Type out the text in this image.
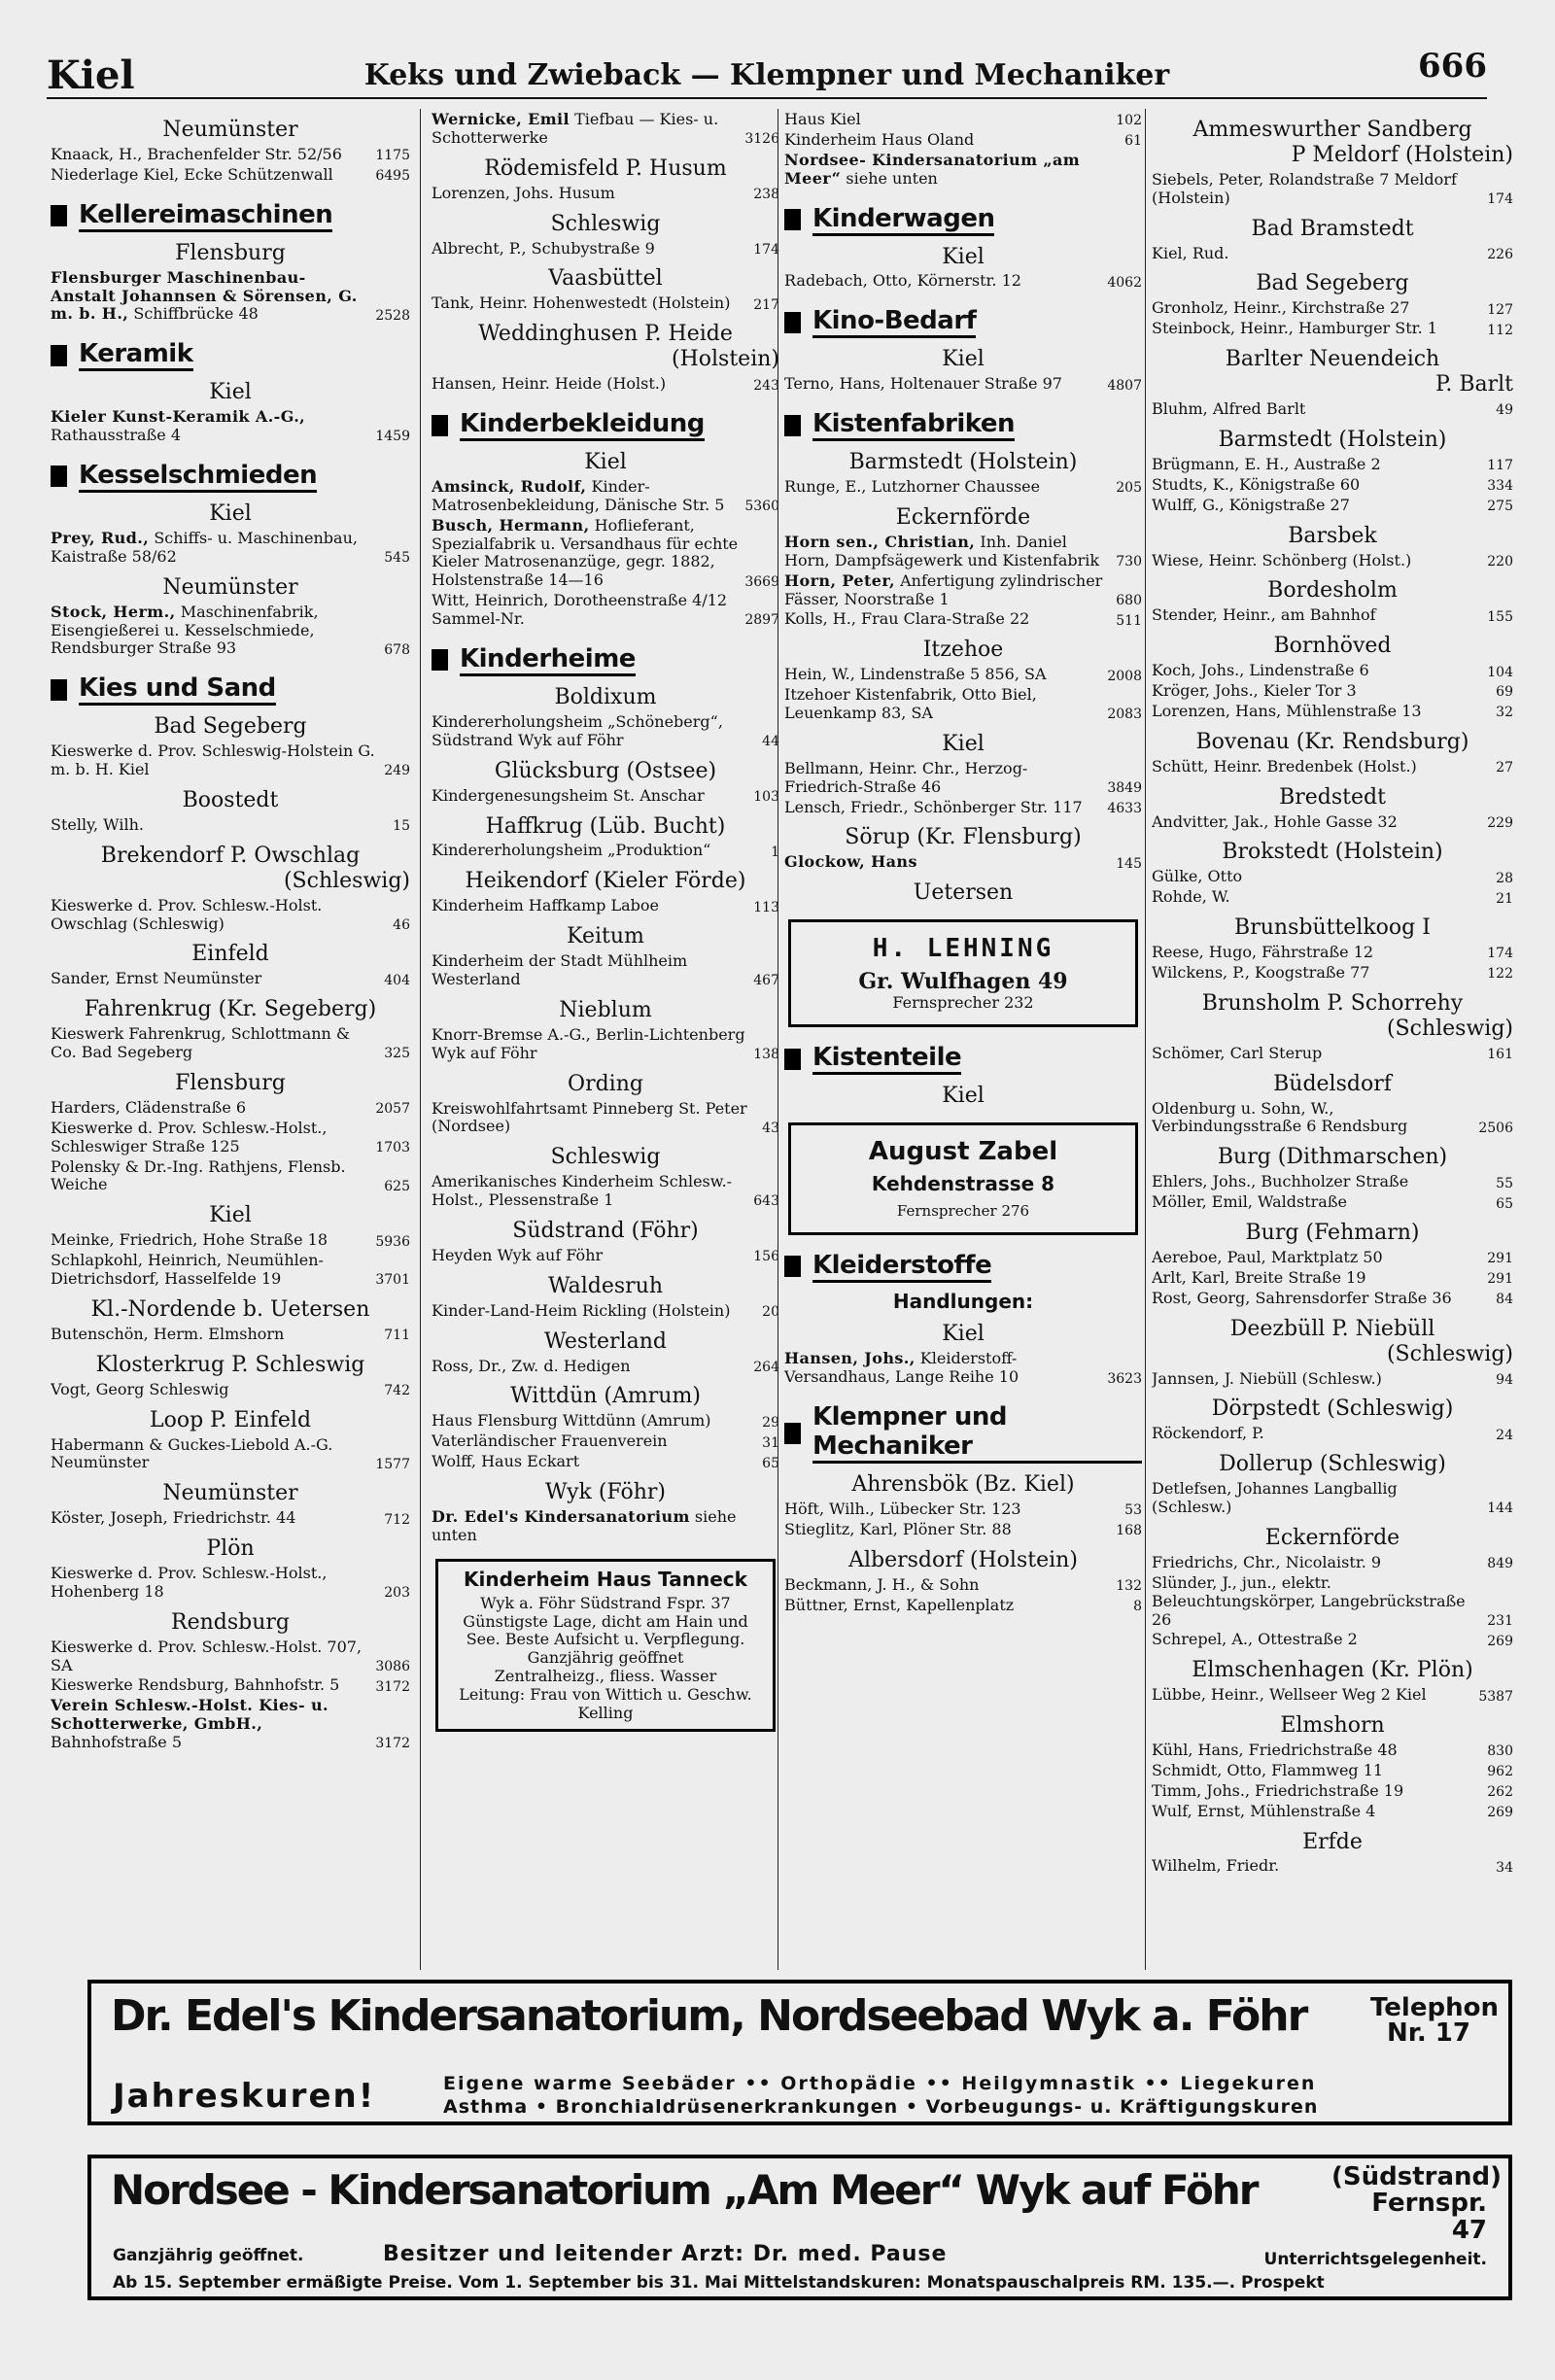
Kiel	Keks und Zwieback — Klempner und Mechaniker	666
Neumünster
Knaack, H., Brachenfelder Str. 52/56	1175
Niederlage Kiel, Ecke Schützenwall	6495
Kellereimaschinen
Flensburg
Flensburger Maschinenbau-Anstalt Johannsen & Sörensen, G. m. b. H., Schiffbrücke 48	2528
Keramik
Kiel
Kieler Kunst-Keramik A.-G., Rathausstraße 4	1459
Kesselschmieden
Kiel
Prey, Rud., Schiffs- u. Maschinenbau, Kaistraße 58/62	545
Neumünster
Stock, Herm., Maschinenfabrik, Eisengießerei u. Kesselschmiede, Rendsburger Straße 93	678
Kies und Sand
Bad Segeberg
Kieswerke d. Prov. Schleswig-Holstein G. m. b. H. Kiel	249
Boostedt
Stelly, Wilh.	15
Brekendorf P. Owschlag
(Schleswig)
Kieswerke d. Prov. Schlesw.-Holst. Owschlag (Schleswig)	46
Einfeld
Sander, Ernst Neumünster	404
Fahrenkrug (Kr. Segeberg)
Kieswerk Fahrenkrug, Schlottmann & Co. Bad Segeberg	325
Flensburg
Harders, Clädenstraße 6	2057
Kieswerke d. Prov. Schlesw.-Holst., Schleswiger Straße 125	1703
Polensky & Dr.-Ing. Rathjens, Flensb. Weiche	625
Kiel
Meinke, Friedrich, Hohe Straße 18	5936
Schlapkohl, Heinrich, Neumühlen-Dietrichsdorf, Hasselfelde 19	3701
Kl.-Nordende b. Uetersen
Butenschön, Herm. Elmshorn	711
Klosterkrug P. Schleswig
Vogt, Georg Schleswig	742
Loop P. Einfeld
Habermann & Guckes-Liebold A.-G. Neumünster	1577
Neumünster
Köster, Joseph, Friedrichstr. 44	712
Plön
Kieswerke d. Prov. Schlesw.-Holst., Hohenberg 18	203
Rendsburg
Kieswerke d. Prov. Schlesw.-Holst. 707, SA	3086
Kieswerke Rendsburg, Bahnhofstr. 5	3172
Verein Schlesw.-Holst. Kies- u. Schotterwerke, GmbH., Bahnhofstraße 5	3172
Wernicke, Emil Tiefbau — Kies- u. Schotterwerke	3126
Rödemisfeld P. Husum
Lorenzen, Johs. Husum	238
Schleswig
Albrecht, P., Schubystraße 9	174
Vaasbüttel
Tank, Heinr. Hohenwestedt (Holstein)	217
Weddinghusen P. Heide
(Holstein)
Hansen, Heinr. Heide (Holst.)	243
Kinderbekleidung
Kiel
Amsinck, Rudolf, Kinder-Matrosenbekleidung, Dänische Str. 5	5360
Busch, Hermann, Hoflieferant, Spezialfabrik u. Versandhaus für echte Kieler Matrosenanzüge, gegr. 1882, Holstenstraße 14—16	3669
Witt, Heinrich, Dorotheenstraße 4/12 Sammel-Nr.	2897
Kinderheime
Boldixum
Kindererholungsheim „Schöneberg“, Südstrand Wyk auf Föhr	44
Glücksburg (Ostsee)
Kindergenesungsheim St. Anschar	103
Haffkrug (Lüb. Bucht)
Kindererholungsheim „Produktion“	1
Heikendorf (Kieler Förde)
Kinderheim Haffkamp Laboe	113
Keitum
Kinderheim der Stadt Mühlheim Westerland	467
Nieblum
Knorr-Bremse A.-G., Berlin-Lichtenberg Wyk auf Föhr	138
Ording
Kreiswohlfahrtsamt Pinneberg St. Peter (Nordsee)	43
Schleswig
Amerikanisches Kinderheim Schlesw.-Holst., Plessenstraße 1	643
Südstrand (Föhr)
Heyden Wyk auf Föhr	156
Waldesruh
Kinder-Land-Heim Rickling (Holstein)	20
Westerland
Ross, Dr., Zw. d. Hedigen	264
Wittdün (Amrum)
Haus Flensburg Wittdünn (Amrum)	29
Vaterländischer Frauenverein	31
Wolff, Haus Eckart	65
Wyk (Föhr)
Dr. Edel's Kindersanatorium siehe unten
Kinderheim Haus Tanneck
Wyk a. Föhr Südstrand Fspr. 37
Günstigste Lage, dicht am Hain und See. Beste Aufsicht u. Verpflegung. Ganzjährig geöffnet
Zentralheizg., fliess. Wasser
Leitung: Frau von Wittich u. Geschw. Kelling
Haus Kiel	102
Kinderheim Haus Oland	61
Nordsee- Kindersanatorium „am Meer“ siehe unten
Kinderwagen
Kiel
Radebach, Otto, Körnerstr. 12	4062
Kino-Bedarf
Kiel
Terno, Hans, Holtenauer Straße 97	4807
Kistenfabriken
Barmstedt (Holstein)
Runge, E., Lutzhorner Chaussee	205
Eckernförde
Horn sen., Christian, Inh. Daniel Horn, Dampfsägewerk und Kistenfabrik	730
Horn, Peter, Anfertigung zylindrischer Fässer, Noorstraße 1	680
Kolls, H., Frau Clara-Straße 22	511
Itzehoe
Hein, W., Lindenstraße 5 856, SA	2008
Itzehoer Kistenfabrik, Otto Biel, Leuenkamp 83, SA	2083
Kiel
Bellmann, Heinr. Chr., Herzog-Friedrich-Straße 46	3849
Lensch, Friedr., Schönberger Str. 117	4633
Sörup (Kr. Flensburg)
Glockow, Hans	145
Uetersen
H. LEHNING
Gr. Wulfhagen 49
Fernsprecher 232
Kistenteile
Kiel
August Zabel
Kehdenstrasse 8
Fernsprecher 276
Kleiderstoffe
Handlungen:
Kiel
Hansen, Johs., Kleiderstoff-Versandhaus, Lange Reihe 10	3623
Klempner und Mechaniker
Ahrensbök (Bz. Kiel)
Höft, Wilh., Lübecker Str. 123	53
Stieglitz, Karl, Plöner Str. 88	168
Albersdorf (Holstein)
Beckmann, J. H., & Sohn	132
Büttner, Ernst, Kapellenplatz	8
Ammeswurther Sandberg
P Meldorf (Holstein)
Siebels, Peter, Rolandstraße 7 Meldorf (Holstein)	174
Bad Bramstedt
Kiel, Rud.	226
Bad Segeberg
Gronholz, Heinr., Kirchstraße 27	127
Steinbock, Heinr., Hamburger Str. 1	112
Barlter Neuendeich
P. Barlt
Bluhm, Alfred Barlt	49
Barmstedt (Holstein)
Brügmann, E. H., Austraße 2	117
Studts, K., Königstraße 60	334
Wulff, G., Königstraße 27	275
Barsbek
Wiese, Heinr. Schönberg (Holst.)	220
Bordesholm
Stender, Heinr., am Bahnhof	155
Bornhöved
Koch, Johs., Lindenstraße 6	104
Kröger, Johs., Kieler Tor 3	69
Lorenzen, Hans, Mühlenstraße 13	32
Bovenau (Kr. Rendsburg)
Schütt, Heinr. Bredenbek (Holst.)	27
Bredstedt
Andvitter, Jak., Hohle Gasse 32	229
Brokstedt (Holstein)
Gülke, Otto	28
Rohde, W.	21
Brunsbüttelkoog I
Reese, Hugo, Fährstraße 12	174
Wilckens, P., Koogstraße 77	122
Brunsholm P. Schorrehy
(Schleswig)
Schömer, Carl Sterup	161
Büdelsdorf
Oldenburg u. Sohn, W., Verbindungsstraße 6 Rendsburg	2506
Burg (Dithmarschen)
Ehlers, Johs., Buchholzer Straße	55
Möller, Emil, Waldstraße	65
Burg (Fehmarn)
Aereboe, Paul, Marktplatz 50	291
Arlt, Karl, Breite Straße 19	291
Rost, Georg, Sahrensdorfer Straße 36	84
Deezbüll P. Niebüll
(Schleswig)
Jannsen, J. Niebüll (Schlesw.)	94
Dörpstedt (Schleswig)
Röckendorf, P.	24
Dollerup (Schleswig)
Detlefsen, Johannes Langballig (Schlesw.)	144
Eckernförde
Friedrichs, Chr., Nicolaistr. 9	849
Slünder, J., jun., elektr. Beleuchtungskörper, Langebrückstraße 26	231
Schrepel, A., Ottestraße 2	269
Elmschenhagen (Kr. Plön)
Lübbe, Heinr., Wellseer Weg 2 Kiel	5387
Elmshorn
Kühl, Hans, Friedrichstraße 48	830
Schmidt, Otto, Flammweg 11	962
Timm, Johs., Friedrichstraße 19	262
Wulf, Ernst, Mühlenstraße 4	269
Erfde
Wilhelm, Friedr.	34
Dr. Edel's Kindersanatorium, Nordseebad Wyk a. Föhr	Telephon Nr. 17
Jahreskuren!	Eigene warme Seebäder •• Orthopädie •• Heilgymnastik •• Liegekuren
Asthma • Bronchialdrüsenerkrankungen • Vorbeugungs- u. Kräftigungskuren
Nordsee - Kindersanatorium „Am Meer“ Wyk auf Föhr	(Südstrand) Fernspr. 47
Ganzjährig geöffnet.	Besitzer und leitender Arzt: Dr. med. Pause	Unterrichtsgelegenheit.
Ab 15. September ermäßigte Preise. Vom 1. September bis 31. Mai Mittelstandskuren: Monatspauschalpreis RM. 135.—. Prospekt
